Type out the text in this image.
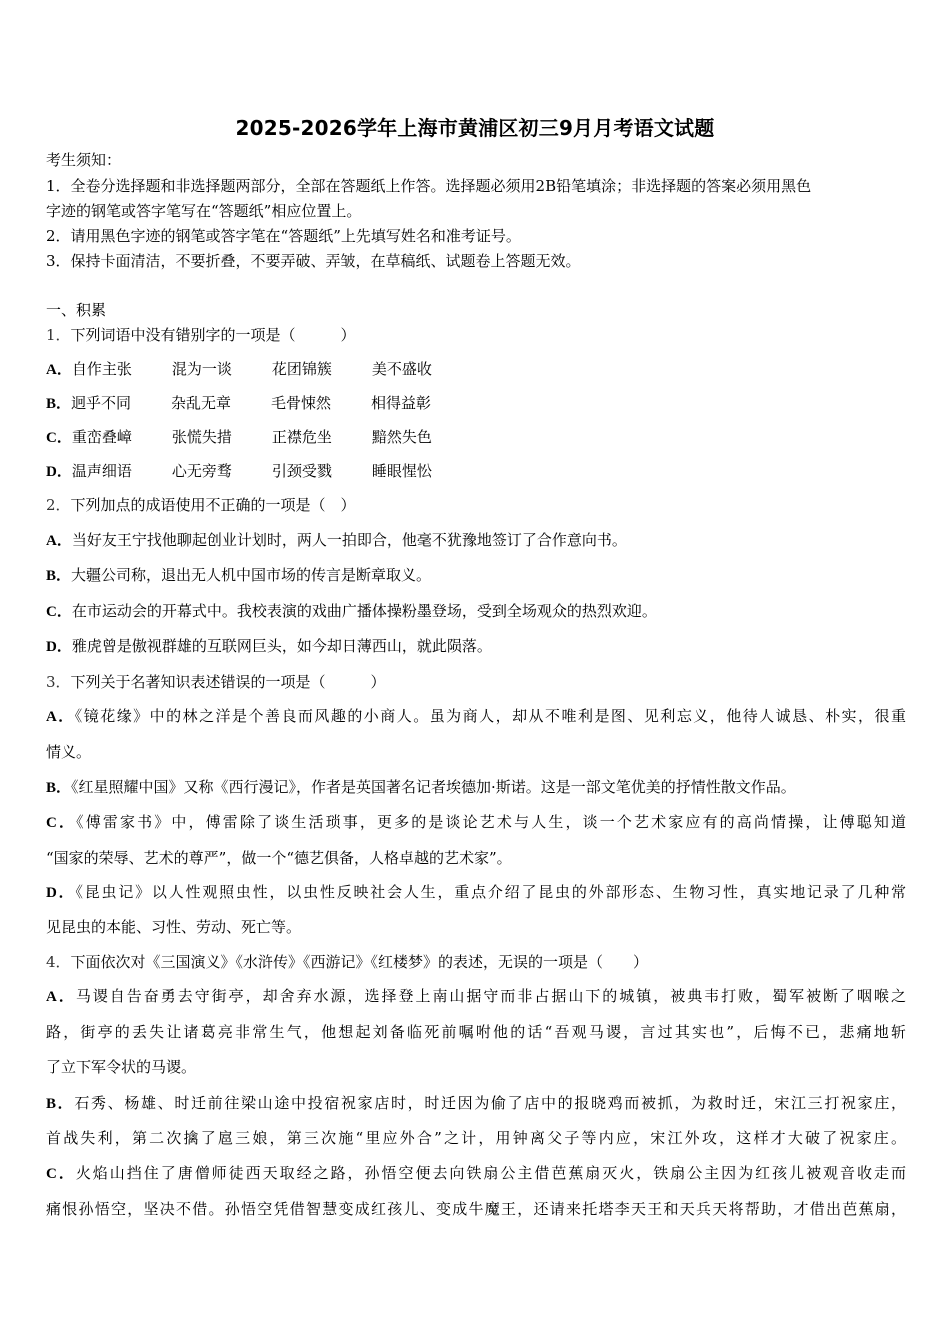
2025-2026学年上海市黄浦区初三9月月考语文试题
考生须知：
1．全卷分选择题和非选择题两部分，全部在答题纸上作答。选择题必须用2B铅笔填涂；非选择题的答案必须用黑色
字迹的钢笔或答字笔写在“答题纸”相应位置上。
2．请用黑色字迹的钢笔或答字笔在“答题纸”上先填写姓名和准考证号。
3．保持卡面清洁，不要折叠，不要弄破、弄皱，在草稿纸、试题卷上答题无效。
一、积累
1．下列词语中没有错别字的一项是（　　　）
A．自作主张	混为一谈	花团锦簇	美不盛收
B．迥乎不同	杂乱无章	毛骨悚然	相得益彰
C．重峦叠嶂	张慌失措	正襟危坐	黯然失色
D．温声细语	心无旁骛	引颈受戮	睡眼惺忪
2．下列加点的成语使用不正确的一项是（　）
A．当好友王宁找他聊起创业计划时，两人一拍即合，他毫不犹豫地签订了合作意向书。
B．大疆公司称，退出无人机中国市场的传言是断章取义。
C．在市运动会的开幕式中。我校表演的戏曲广播体操粉墨登场，受到全场观众的热烈欢迎。
D．雅虎曾是傲视群雄的互联网巨头，如今却日薄西山，就此陨落。
3．下列关于名著知识表述错误的一项是（　　　）
A．《镜花缘》中的林之洋是个善良而风趣的小商人。虽为商人，却从不唯利是图、见利忘义，他待人诚恳、朴实，很重
情义。
B．《红星照耀中国》又称《西行漫记》，作者是英国著名记者埃德加·斯诺。这是一部文笔优美的抒情性散文作品。
C．《傅雷家书》中，傅雷除了谈生活琐事，更多的是谈论艺术与人生，谈一个艺术家应有的高尚情操，让傅聪知道
“国家的荣辱、艺术的尊严”，做一个“德艺俱备，人格卓越的艺术家”。
D．《昆虫记》以人性观照虫性，以虫性反映社会人生，重点介绍了昆虫的外部形态、生物习性，真实地记录了几种常
见昆虫的本能、习性、劳动、死亡等。
4．下面依次对《三国演义》《水浒传》《西游记》《红楼梦》的表述，无误的一项是（　　）
A．马谡自告奋勇去守街亭，却舍弃水源，选择登上南山据守而非占据山下的城镇，被典韦打败，蜀军被断了咽喉之
路，街亭的丢失让诸葛亮非常生气，他想起刘备临死前嘱咐他的话“吾观马谡，言过其实也”，后悔不已，悲痛地斩
了立下军令状的马谡。
B．石秀、杨雄、时迁前往梁山途中投宿祝家店时，时迁因为偷了店中的报晓鸡而被抓，为救时迁，宋江三打祝家庄，
首战失利，第二次擒了扈三娘，第三次施“里应外合”之计，用钟离父子等内应，宋江外攻，这样才大破了祝家庄。
C．火焰山挡住了唐僧师徒西天取经之路，孙悟空便去向铁扇公主借芭蕉扇灭火，铁扇公主因为红孩儿被观音收走而
痛恨孙悟空，坚决不借。孙悟空凭借智慧变成红孩儿、变成牛魔王，还请来托塔李天王和天兵天将帮助，才借出芭蕉扇，
